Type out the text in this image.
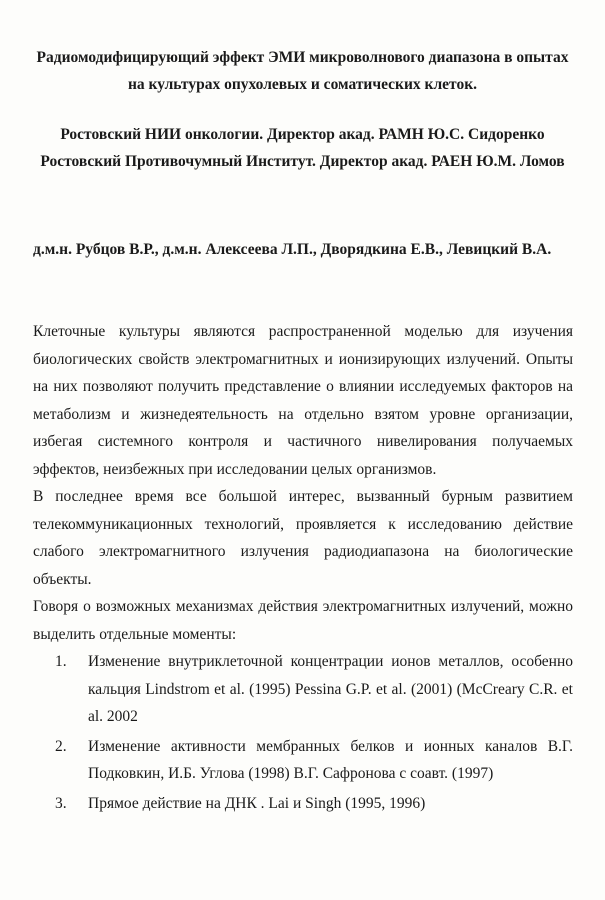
Радиомодифицирующий эффект ЭМИ микроволнового диапазона в опытах на культурах опухолевых и соматических клеток.
Ростовский НИИ онкологии. Директор акад. РАМН Ю.С. Сидоренко
Ростовский Противочумный Институт. Директор акад. РАЕН Ю.М. Ломов
д.м.н. Рубцов В.Р., д.м.н. Алексеева Л.П., Дворядкина Е.В., Левицкий В.А.

Клеточные культуры являются распространенной моделью для изучения биологических свойств электромагнитных и ионизирующих излучений. Опыты на них позволяют получить представление о влиянии исследуемых факторов на метаболизм и жизнедеятельность на отдельно взятом уровне организации, избегая системного контроля и частичного нивелирования получаемых эффектов, неизбежных при исследовании целых организмов.

В последнее время все большой интерес, вызванный бурным развитием телекоммуникационных технологий, проявляется к исследованию действие слабого электромагнитного излучения радиодиапазона на биологические объекты.

Говоря о возможных механизмах действия электромагнитных излучений, можно выделить отдельные моменты:

1. Изменение внутриклеточной концентрации ионов металлов, особенно кальция Lindstrom et al. (1995) Pessina G.P. et al. (2001) (McCreary C.R. et al. 2002
2. Изменение активности мембранных белков и ионных каналов В.Г. Подковкин, И.Б. Углова (1998) В.Г. Сафронова с соавт. (1997)
3. Прямое действие на ДНК . Lai и Singh (1995, 1996)
